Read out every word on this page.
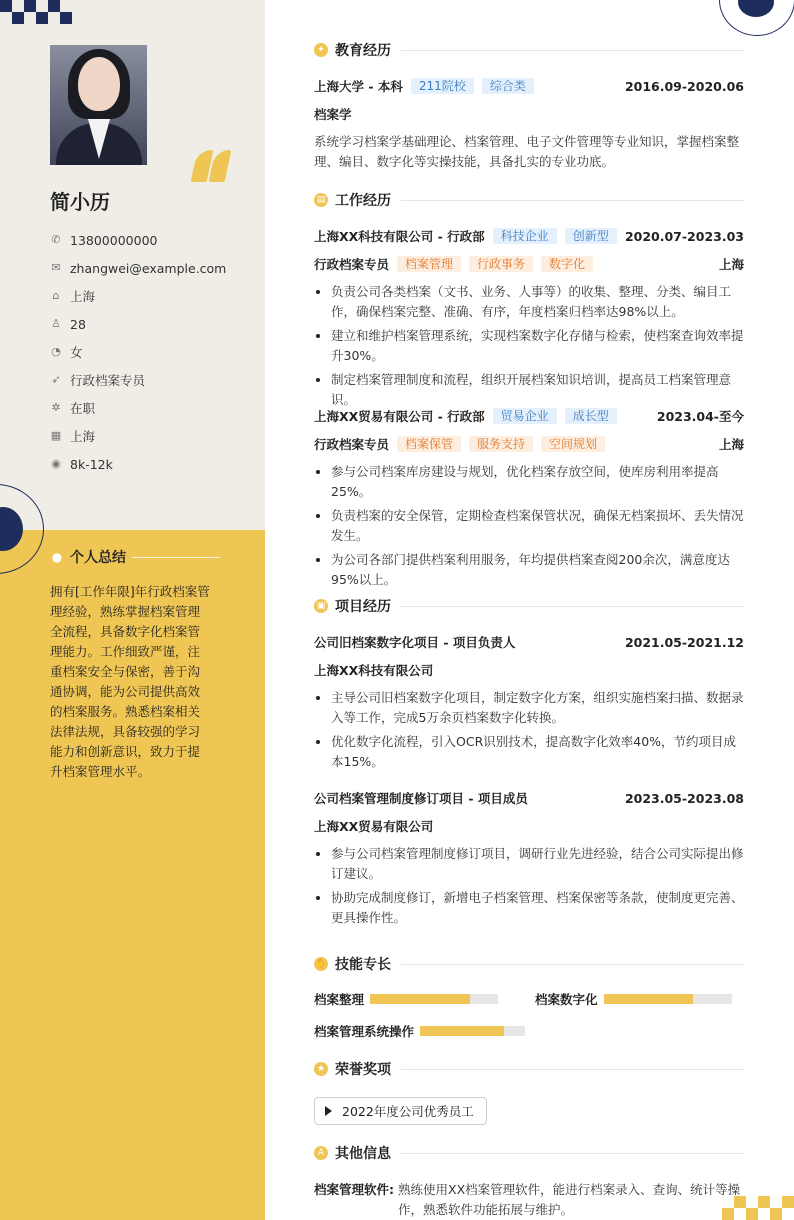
简小历
✆ 13800000000
✉ zhangwei@example.com
⌂ 上海
♙ 28
◔ 女
➶ 行政档案专员
✲ 在职
▦ 上海
◉ 8k-12k
● 个人总结
拥有[工作年限]年行政档案管理经验，熟练掌握档案管理全流程，具备数字化档案管理能力。工作细致严谨，注重档案安全与保密，善于沟通协调，能为公司提供高效的档案服务。熟悉档案相关法律法规，具备较强的学习能力和创新意识，致力于提升档案管理水平。
✦ 教育经历
上海大学 - 本科	211院校	综合类	2016.09-2020.06
档案学
系统学习档案学基础理论、档案管理、电子文件管理等专业知识，掌握档案整理、编目、数字化等实操技能，具备扎实的专业功底。
▤ 工作经历
上海XX科技有限公司 - 行政部	科技企业	创新型	2020.07-2023.03
行政档案专员	档案管理	行政事务	数字化	上海
负责公司各类档案（文书、业务、人事等）的收集、整理、分类、编目工作，确保档案完整、准确、有序，年度档案归档率达98%以上。
建立和维护档案管理系统，实现档案数字化存储与检索，使档案查询效率提升30%。
制定档案管理制度和流程，组织开展档案知识培训，提高员工档案管理意识。
上海XX贸易有限公司 - 行政部	贸易企业	成长型	2023.04-至今
行政档案专员	档案保管	服务支持	空间规划	上海
参与公司档案库房建设与规划，优化档案存放空间，使库房利用率提高25%。
负责档案的安全保管，定期检查档案保管状况，确保无档案损坏、丢失情况发生。
为公司各部门提供档案利用服务，年均提供档案查阅200余次，满意度达95%以上。
▣ 项目经历
公司旧档案数字化项目 - 项目负责人	2021.05-2021.12
上海XX科技有限公司
主导公司旧档案数字化项目，制定数字化方案，组织实施档案扫描、数据录入等工作，完成5万余页档案数字化转换。
优化数字化流程，引入OCR识别技术，提高数字化效率40%，节约项目成本15%。
公司档案管理制度修订项目 - 项目成员	2023.05-2023.08
上海XX贸易有限公司
参与公司档案管理制度修订项目，调研行业先进经验，结合公司实际提出修订建议。
协助完成制度修订，新增电子档案管理、档案保密等条款，使制度更完善、更具操作性。
✋ 技能专长
档案整理	档案数字化
档案管理系统操作
★ 荣誉奖项
2022年度公司优秀员工
A 其他信息
档案管理软件: 熟练使用XX档案管理软件，能进行档案录入、查询、统计等操作，熟悉软件功能拓展与维护。
